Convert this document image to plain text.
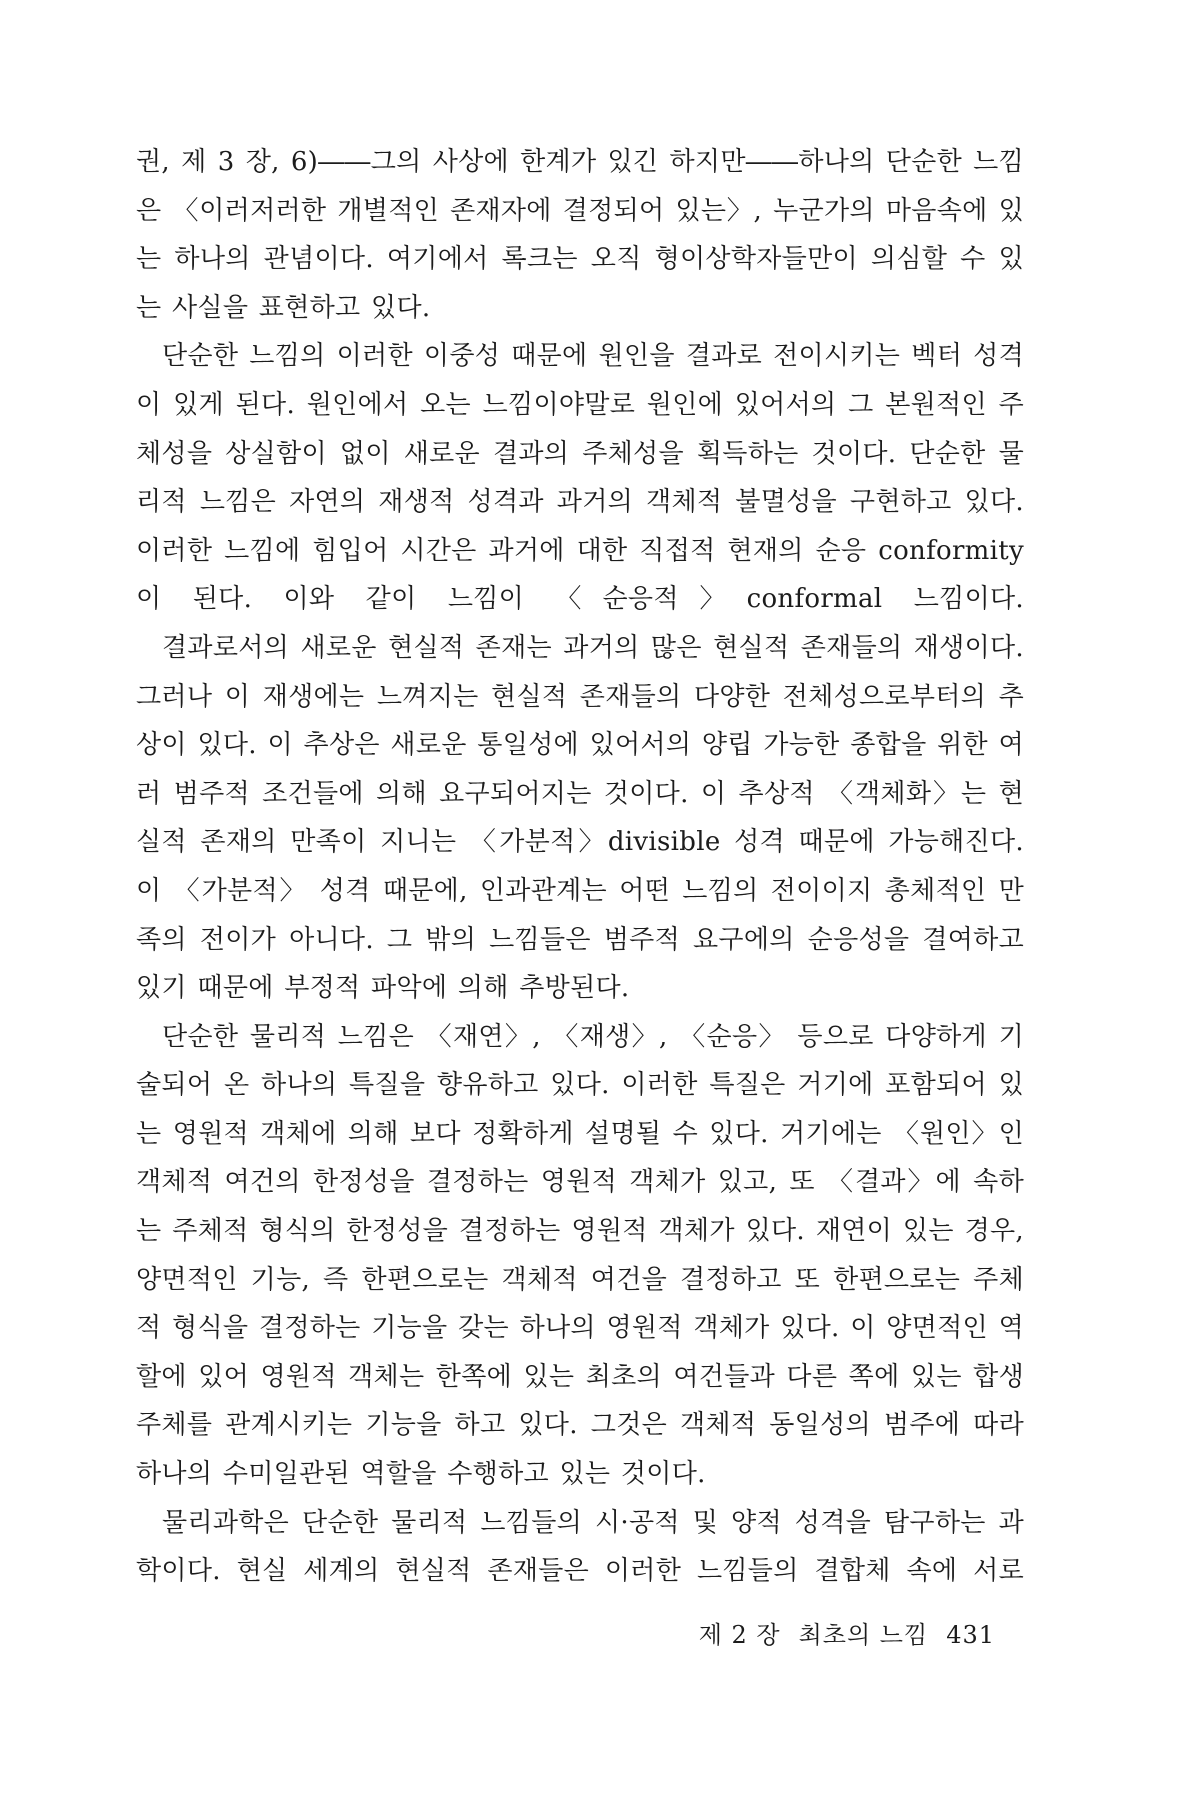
권, 제 3 장, 6)――그의 사상에 한계가 있긴 하지만――하나의 단순한 느낌은 〈이러저러한 개별적인 존재자에 결정되어 있는〉, 누군가의 마음속에 있는 하나의 관념이다. 여기에서 록크는 오직 형이상학자들만이 의심할 수 있는 사실을 표현하고 있다.

단순한 느낌의 이러한 이중성 때문에 원인을 결과로 전이시키는 벡터 성격이 있게 된다. 원인에서 오는 느낌이야말로 원인에 있어서의 그 본원적인 주체성을 상실함이 없이 새로운 결과의 주체성을 획득하는 것이다. 단순한 물리적 느낌은 자연의 재생적 성격과 과거의 객체적 불멸성을 구현하고 있다. 이러한 느낌에 힘입어 시간은 과거에 대한 직접적 현재의 순응 conformity 이 된다. 이와 같이 느낌이 〈순응적〉conformal 느낌이다.

결과로서의 새로운 현실적 존재는 과거의 많은 현실적 존재들의 재생이다. 그러나 이 재생에는 느껴지는 현실적 존재들의 다양한 전체성으로부터의 추상이 있다. 이 추상은 새로운 통일성에 있어서의 양립 가능한 종합을 위한 여러 범주적 조건들에 의해 요구되어지는 것이다. 이 추상적 〈객체화〉는 현실적 존재의 만족이 지니는 〈가분적〉divisible 성격 때문에 가능해진다. 이 〈가분적〉 성격 때문에, 인과관계는 어떤 느낌의 전이이지 총체적인 만족의 전이가 아니다. 그 밖의 느낌들은 범주적 요구에의 순응성을 결여하고 있기 때문에 부정적 파악에 의해 추방된다.

단순한 물리적 느낌은 〈재연〉, 〈재생〉, 〈순응〉 등으로 다양하게 기술되어 온 하나의 특질을 향유하고 있다. 이러한 특질은 거기에 포함되어 있는 영원적 객체에 의해 보다 정확하게 설명될 수 있다. 거기에는 〈원인〉인 객체적 여건의 한정성을 결정하는 영원적 객체가 있고, 또 〈결과〉에 속하는 주체적 형식의 한정성을 결정하는 영원적 객체가 있다. 재연이 있는 경우, 양면적인 기능, 즉 한편으로는 객체적 여건을 결정하고 또 한편으로는 주체적 형식을 결정하는 기능을 갖는 하나의 영원적 객체가 있다. 이 양면적인 역할에 있어 영원적 객체는 한쪽에 있는 최초의 여건들과 다른 쪽에 있는 합생 주체를 관계시키는 기능을 하고 있다. 그것은 객체적 동일성의 범주에 따라 하나의 수미일관된 역할을 수행하고 있는 것이다.

물리과학은 단순한 물리적 느낌들의 시·공적 및 양적 성격을 탐구하는 과학이다. 현실 세계의 현실적 존재들은 이러한 느낌들의 결합체 속에 서로

제 2 장 최초의 느낌 431
